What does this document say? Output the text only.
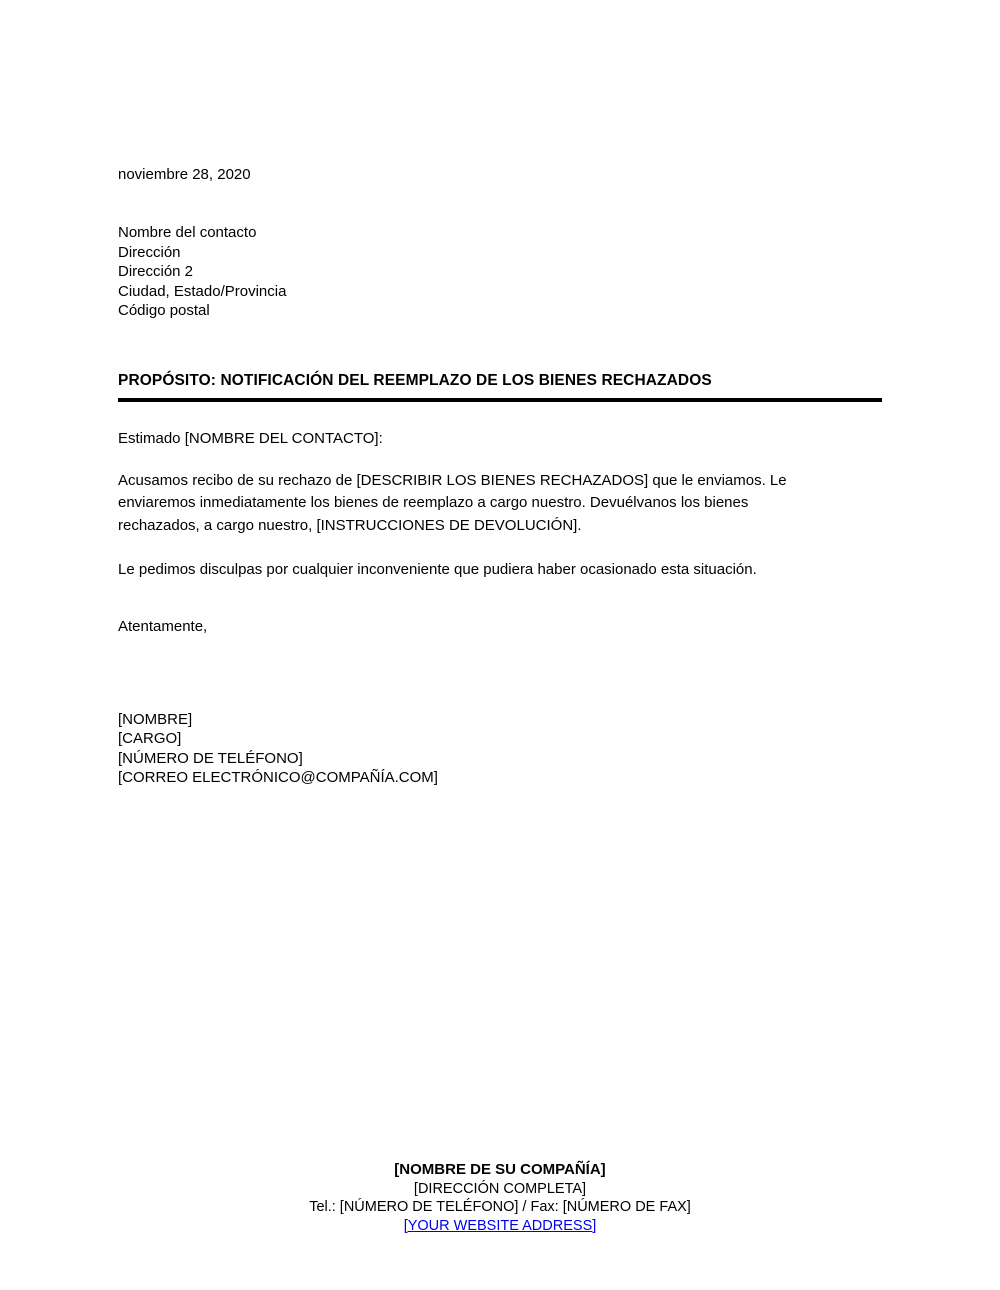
noviembre 28, 2020
Nombre del contacto
Dirección
Dirección 2
Ciudad, Estado/Provincia
Código postal
PROPÓSITO: NOTIFICACIÓN DEL REEMPLAZO DE LOS BIENES RECHAZADOS
Estimado [NOMBRE DEL CONTACTO]:
Acusamos recibo de su rechazo de [DESCRIBIR LOS BIENES RECHAZADOS] que le enviamos. Le
enviaremos inmediatamente los bienes de reemplazo a cargo nuestro. Devuélvanos los bienes
rechazados, a cargo nuestro, [INSTRUCCIONES DE DEVOLUCIÓN].
Le pedimos disculpas por cualquier inconveniente que pudiera haber ocasionado esta situación.
Atentamente,
[NOMBRE]
[CARGO]
[NÚMERO DE TELÉFONO]
[CORREO ELECTRÓNICO@COMPAÑÍA.COM]
[NOMBRE DE SU COMPAÑÍA]
[DIRECCIÓN COMPLETA]
Tel.: [NÚMERO DE TELÉFONO] / Fax: [NÚMERO DE FAX]
[YOUR WEBSITE ADDRESS]
